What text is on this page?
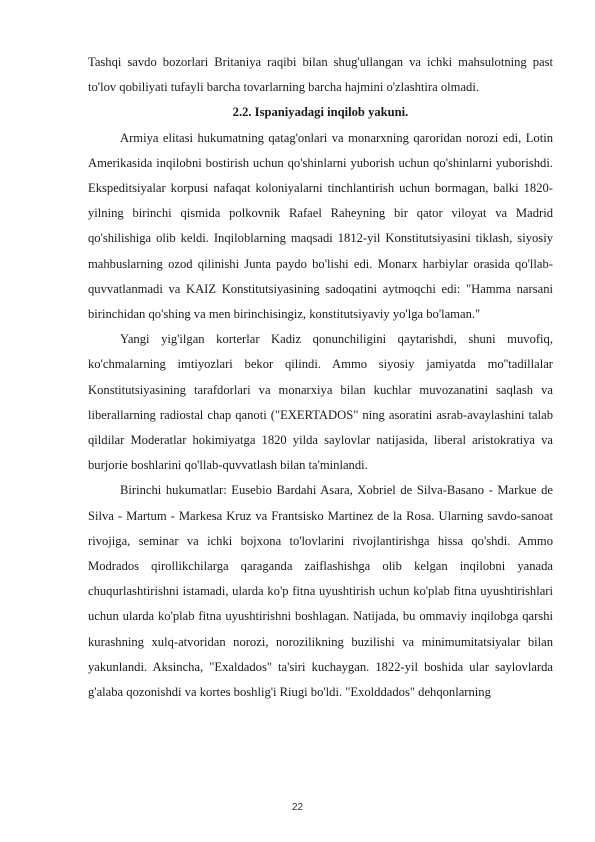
Tashqi savdo bozorlari Britaniya raqibi bilan shug'ullangan va ichki mahsulotning past to'lov qobiliyati tufayli barcha tovarlarning barcha hajmini o'zlashtira olmadi.

2.2. Ispaniyadagi inqilob yakuni.

Armiya elitasi hukumatning qatag'onlari va monarxning qaroridan norozi edi, Lotin Amerikasida inqilobni bostirish uchun qo'shinlarni yuborish uchun qo'shinlarni yuborishdi. Ekspeditsiyalar korpusi nafaqat koloniyalarni tinchlantirish uchun bormagan, balki 1820-yilning birinchi qismida polkovnik Rafael Raheyning bir qator viloyat va Madrid qo'shilishiga olib keldi. Inqiloblarning maqsadi 1812-yil Konstitutsiyasini tiklash, siyosiy mahbuslarning ozod qilinishi Junta paydo bo'lishi edi. Monarx harbiylar orasida qo'llab-quvvatlanmadi va KAIZ Konstitutsiyasining sadoqatini aytmoqchi edi: "Hamma narsani birinchidan qo'shing va men birinchisingiz, konstitutsiyaviy yo'lga bo'laman."

Yangi yig'ilgan korterlar Kadiz qonunchiligini qaytarishdi, shuni muvofiq, ko'chmalarning imtiyozlari bekor qilindi. Ammo siyosiy jamiyatda mo''tadillalar Konstitutsiyasining tarafdorlari va monarxiya bilan kuchlar muvozanatini saqlash va liberallarning radiostal chap qanoti ("EXERTADOS" ning asoratini asrab-avaylashini talab qildilar Moderatlar hokimiyatga 1820 yilda saylovlar natijasida, liberal aristokratiya va burjorie boshlarini qo'llab-quvvatlash bilan ta'minlandi.

Birinchi hukumatlar: Eusebio Bardahi Asara, Xobriel de Silva-Basano - Markue de Silva - Martum - Markesa Kruz va Frantsisko Martinez de la Rosa. Ularning savdo-sanoat rivojiga, seminar va ichki bojxona to'lovlarini rivojlantirishga hissa qo'shdi. Ammo Modrados qirollikchilarga qaraganda zaiflashishga olib kelgan inqilobni yanada chuqurlashtirishni istamadi, ularda ko'p fitna uyushtirish uchun ko'plab fitna uyushtirishlari uchun ularda ko'plab fitna uyushtirishni boshlagan. Natijada, bu ommaviy inqilobga qarshi kurashning xulq-atvoridan norozi, norozilikning buzilishi va minimumitatsiyalar bilan yakunlandi. Aksincha, "Exaldados" ta'siri kuchaygan. 1822-yil boshida ular saylovlarda g'alaba qozonishdi va kortes boshlig'i Riugi bo'ldi. "Exolddados" dehqonlarning

22
